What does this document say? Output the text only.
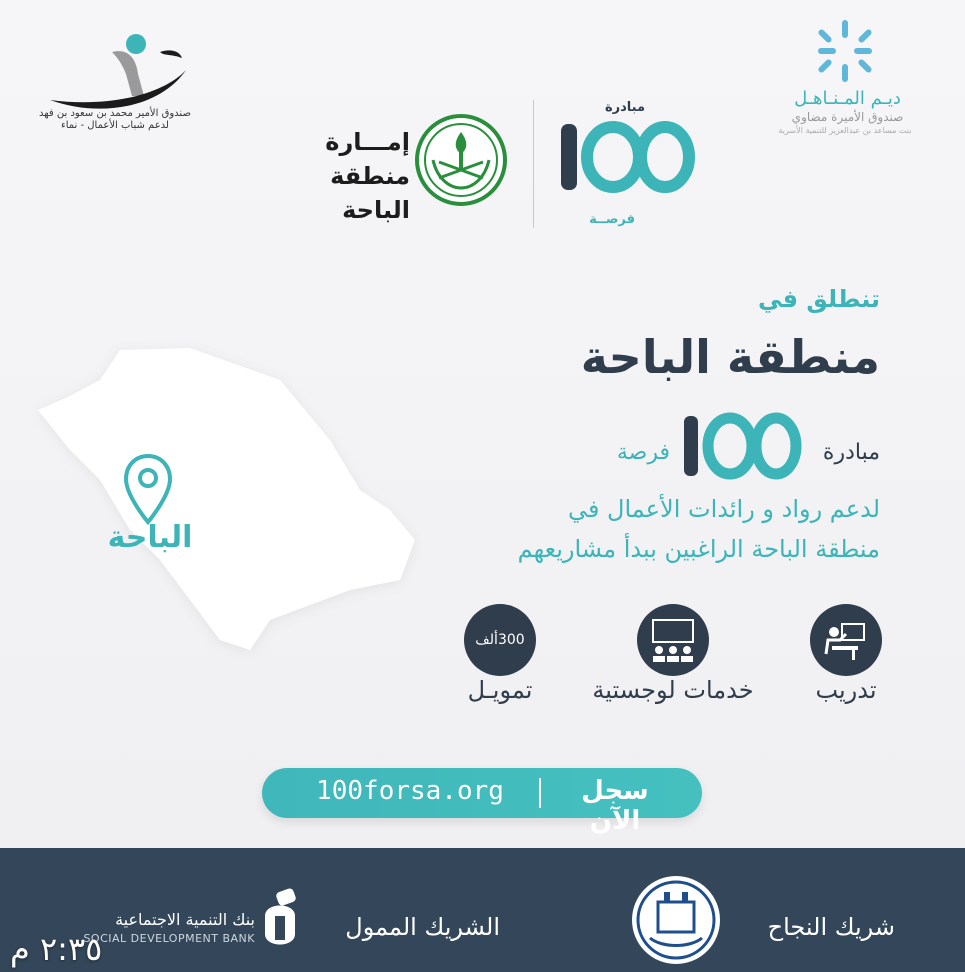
صندوق الأمير محمد بن سعود بن فهد
لدعم شباب الأعمال - نماء
إمـــارة
منطقة الباحة
مبادرة
100
فرصــة
ديـم المـنـاهـل
صندوق الأميرة مضاوي
بنت مساعد بن عبدالعزيز للتنمية الأسرية
الباحة
تنطلق في
منطقة الباحة
مبادرة
100
فرصة
لدعم رواد و رائدات الأعمال في
منطقة الباحة الراغبين ببدأ مشاريعهم
تدريب
خدمات لوجستية
300ألف
تمويـل
100forsa.org	سجل الآن
شريك النجاح
الشريك الممول
بنك التنمية الاجتماعية
SOCIAL DEVELOPMENT BANK
٢:٣٥ م
